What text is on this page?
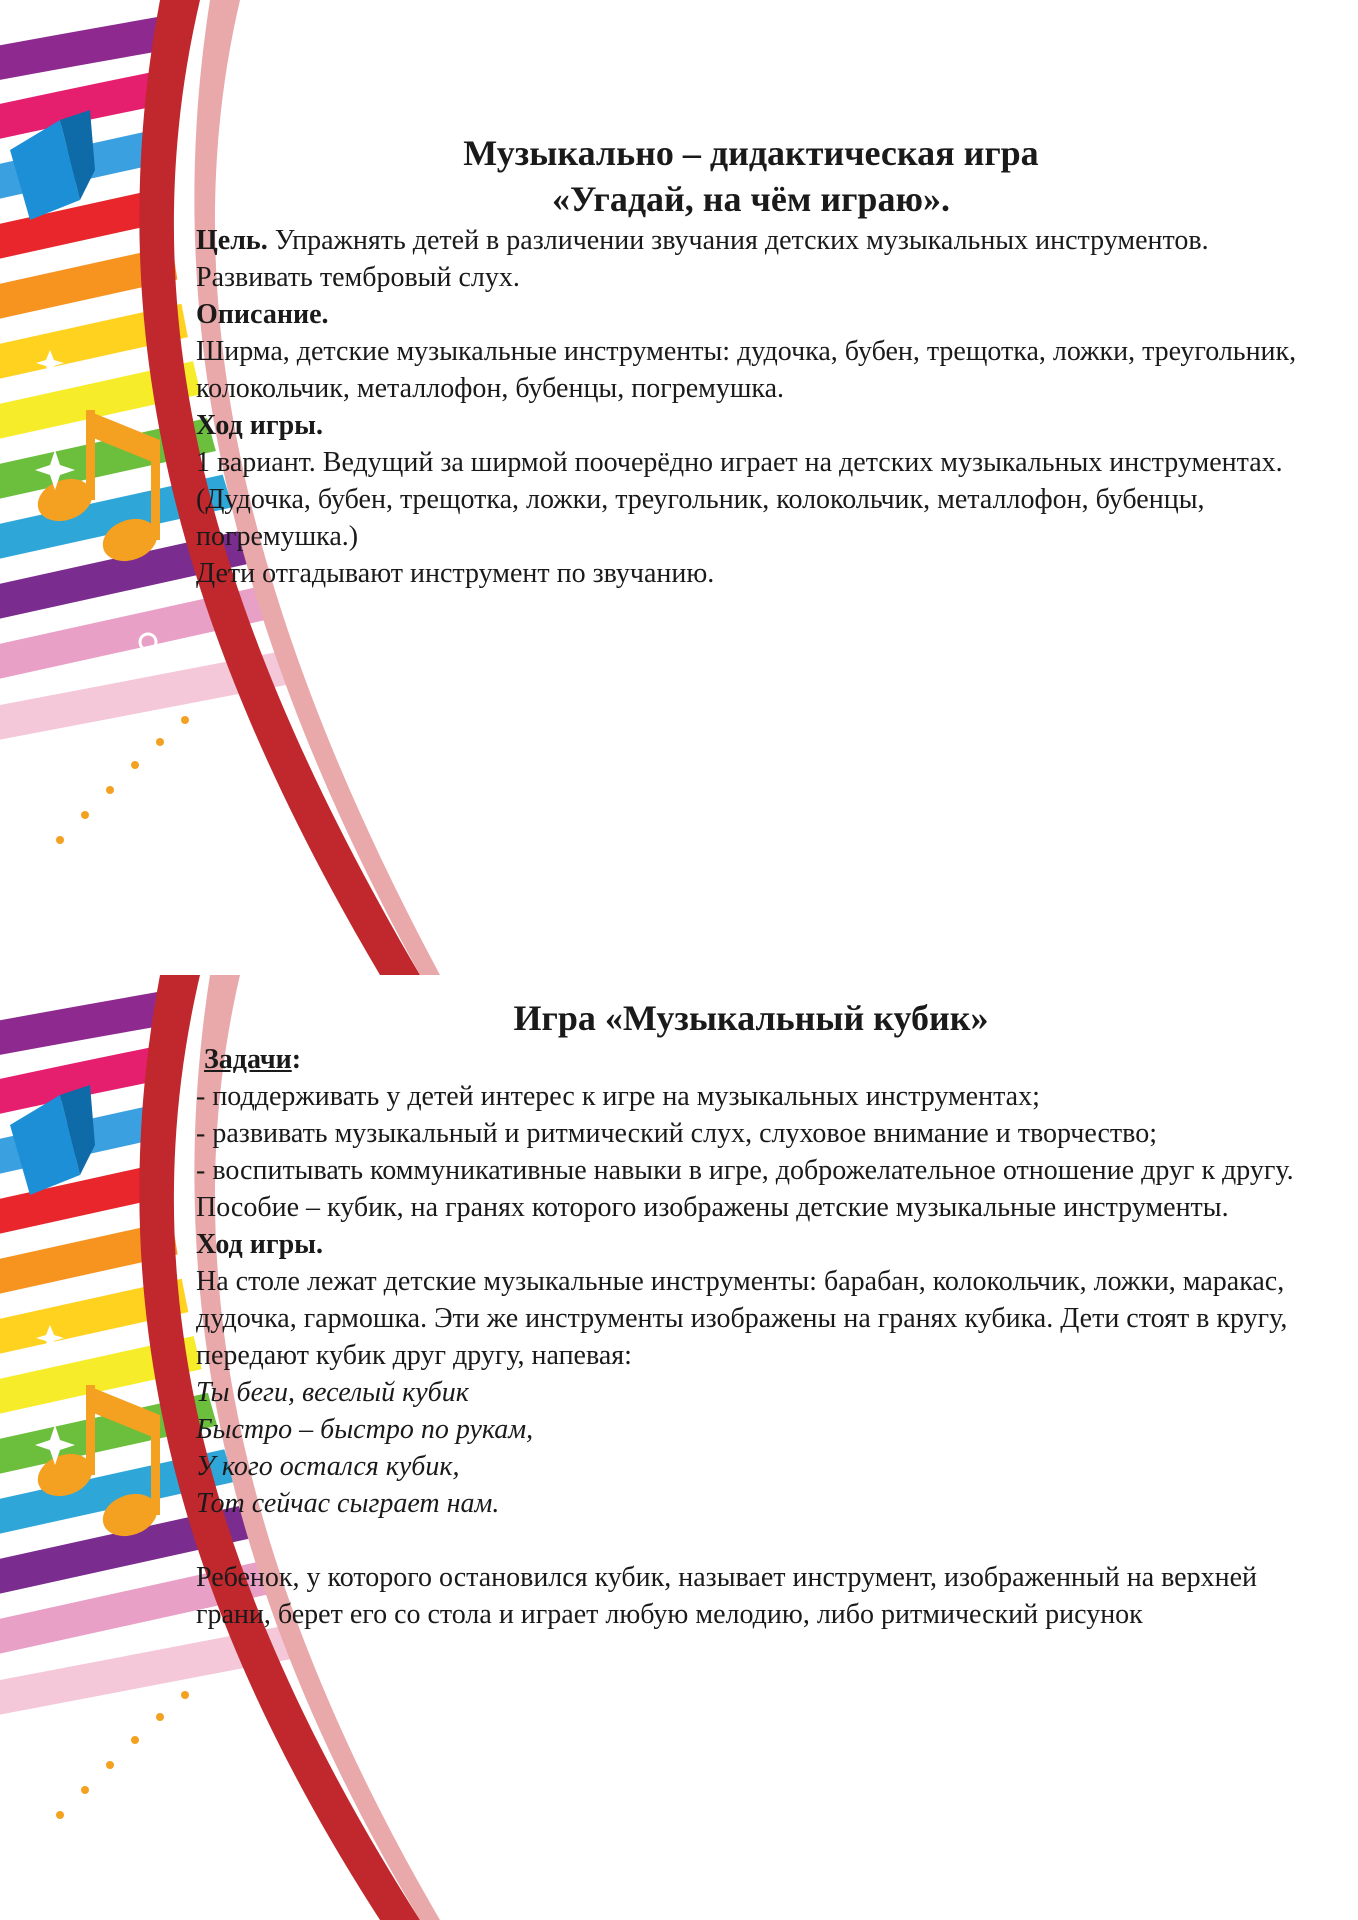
Музыкально – дидактическая игра

«Угадай, на чём играю».

Цель. Упражнять детей в различении звучания детских музыкальных инструментов.

Развивать тембровый слух.

Описание.

Ширма, детские музыкальные инструменты: дудочка, бубен, трещотка, ложки, треугольник, колокольчик, металлофон, бубенцы, погремушка.

Ход игры.

1 вариант. Ведущий за ширмой поочерёдно играет на детских музыкальных инструментах. (Дудочка, бубен, трещотка, ложки, треугольник, колокольчик, металлофон, бубенцы, погремушка.)

Дети отгадывают инструмент по звучанию.

Игра «Музыкальный кубик»

Задачи:

- поддерживать у детей интерес к игре на музыкальных инструментах;

- развивать музыкальный и ритмический слух, слуховое внимание и творчество;

- воспитывать коммуникативные навыки в игре, доброжелательное отношение друг к другу.

Пособие – кубик, на гранях которого изображены детские музыкальные инструменты.

Ход игры.

На столе лежат детские музыкальные инструменты: барабан, колокольчик, ложки, маракас, дудочка, гармошка. Эти же инструменты изображены на гранях кубика. Дети стоят в кругу, передают кубик друг другу, напевая:

Ты беги, веселый кубик

Быстро – быстро по рукам,

У кого остался кубик,

Тот сейчас сыграет нам.

Ребенок, у которого остановился кубик, называет инструмент, изображенный на верхней грани, берет его со стола и играет любую мелодию, либо ритмический рисунок
